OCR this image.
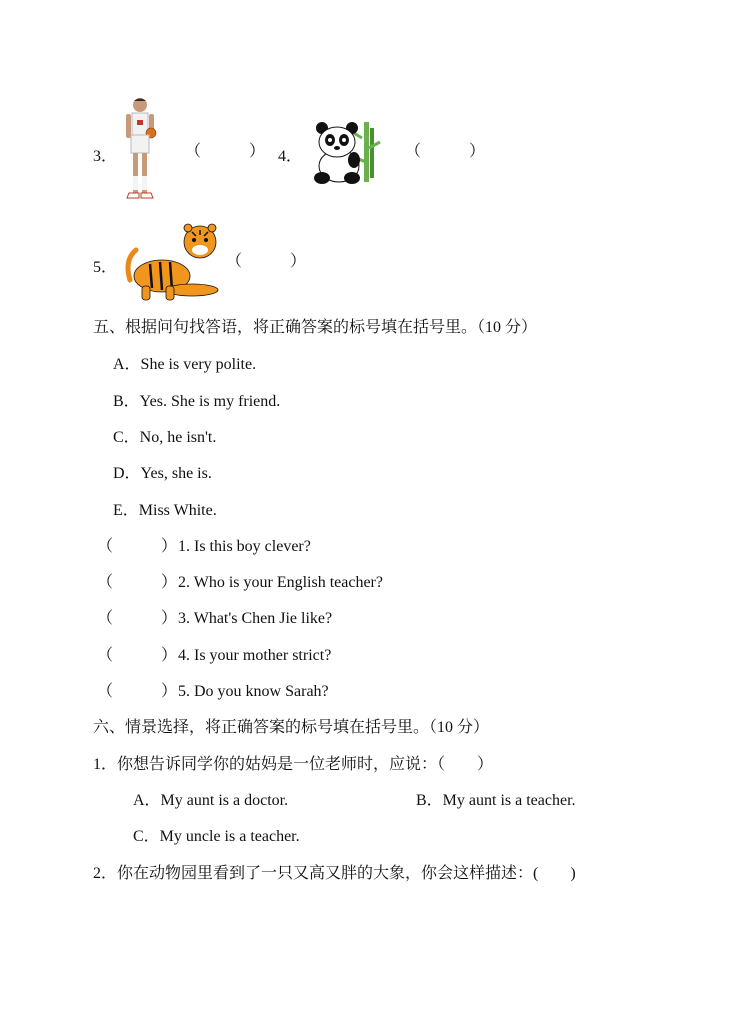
3．	（　　　） 4．	（　　　）
5．	（　　　）
五、根据问句找答语，将正确答案的标号填在括号里。（10 分）
A．She is very polite.
B．Yes. She is my friend.
C．No, he isn't.
D．Yes, she is.
E．Miss White.
（　　　） 1. Is this boy clever?
（　　　） 2. Who is your English teacher?
（　　　） 3. What's Chen Jie like?
（　　　） 4. Is your mother strict?
（　　　） 5. Do you know Sarah?
六、情景选择，将正确答案的标号填在括号里。（10 分）
1．你想告诉同学你的姑妈是一位老师时，应说：（　　）
A．My aunt is a doctor.	B．My aunt is a teacher.
C．My uncle is a teacher.
2．你在动物园里看到了一只又高又胖的大象，你会这样描述：(　　)
